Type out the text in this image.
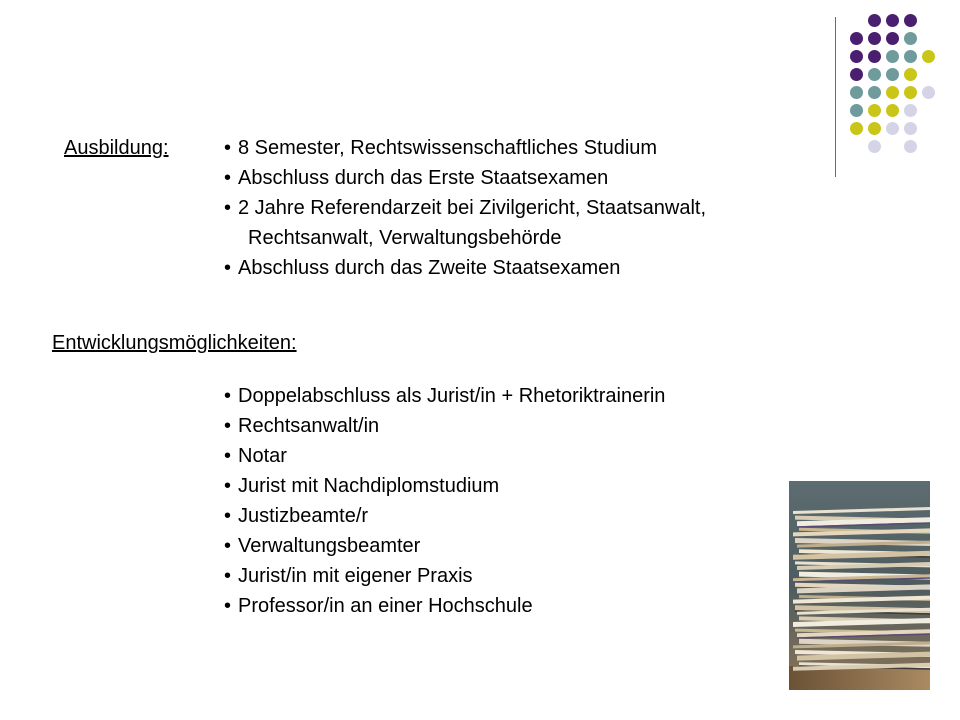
Ausbildung:	• 8 Semester, Rechtswissenschaftliches Studium
• Abschluss durch das Erste Staatsexamen
• 2 Jahre Referendarzeit bei Zivilgericht, Staatsanwalt,
Rechtsanwalt, Verwaltungsbehörde
• Abschluss durch das Zweite Staatsexamen
Entwicklungsmöglichkeiten:
• Doppelabschluss als Jurist/in + Rhetoriktrainerin
• Rechtsanwalt/in
• Notar
• Jurist mit Nachdiplomstudium
• Justizbeamte/r
• Verwaltungsbeamter
• Jurist/in mit eigener Praxis
• Professor/in an einer Hochschule
